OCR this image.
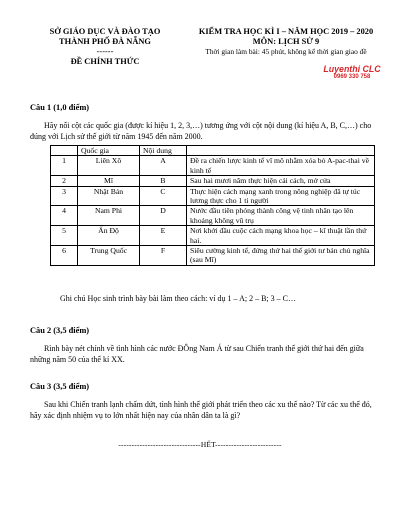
SỞ GIÁO DỤC VÀ ĐÀO TẠO
THÀNH PHỐ ĐÀ NẴNG
------
ĐỀ CHÍNH THỨC
KIỂM TRA HỌC KÌ I – NĂM HỌC 2019 – 2020
MÔN: LỊCH SỬ 9
Thời gian làm bài: 45 phút, không kể thời gian giao đề
Luyenthi CLC
0969 330 758
Câu 1 (1,0 điểm)
Hãy nối cột các quốc gia (được kí hiệu 1, 2, 3,…) tương ứng với cột nội dung (kí hiệu A, B, C,…) cho đúng với Lịch sử thế giới từ năm 1945 đến năm 2000.
	Quốc gia	Nội dung	
1	Liên Xô	A	Đề ra chiến lược kinh tế vĩ mô nhằm xóa bỏ A-pac-thai về kinh tế
2	Mĩ	B	Sau hai mươi năm thực hiện cải cách, mở cửa
3	Nhật Bản	C	Thực hiện cách mạng xanh trong nông nghiệp đã tự túc lương thực cho 1 tỉ người
4	Nam Phi	D	Nước đầu tiên phóng thành công vệ tinh nhân tạo lên khoảng không vũ trụ
5	Ấn Độ	E	Nơi khởi đầu cuộc cách mạng khoa học – kĩ thuật lần thứ hai.
6	Trung Quốc	F	Siêu cường kinh tế, đứng thứ hai thế giới tư bản chủ nghĩa (sau Mĩ)
Ghi chú Học sinh trình bày bài làm theo cách: ví dụ 1 – A; 2 – B; 3 – C…
Câu 2 (3,5 điểm)
Rình bày nét chính về tình hình các nước ĐÔng Nam Á từ sau Chiến tranh thế giới thứ hai đến giữa những năm 50 của thế kỉ XX.
Câu 3 (3,5 điểm)
Sau khi Chiến tranh lạnh chấm dứt, tình hình thế giới phát triển theo các xu thế nào? Từ các xu thế đó, hãy xác định nhiệm vụ to lớn nhất hiện nay của nhân dân ta là gì?
-------------------------------HẾT-------------------------
